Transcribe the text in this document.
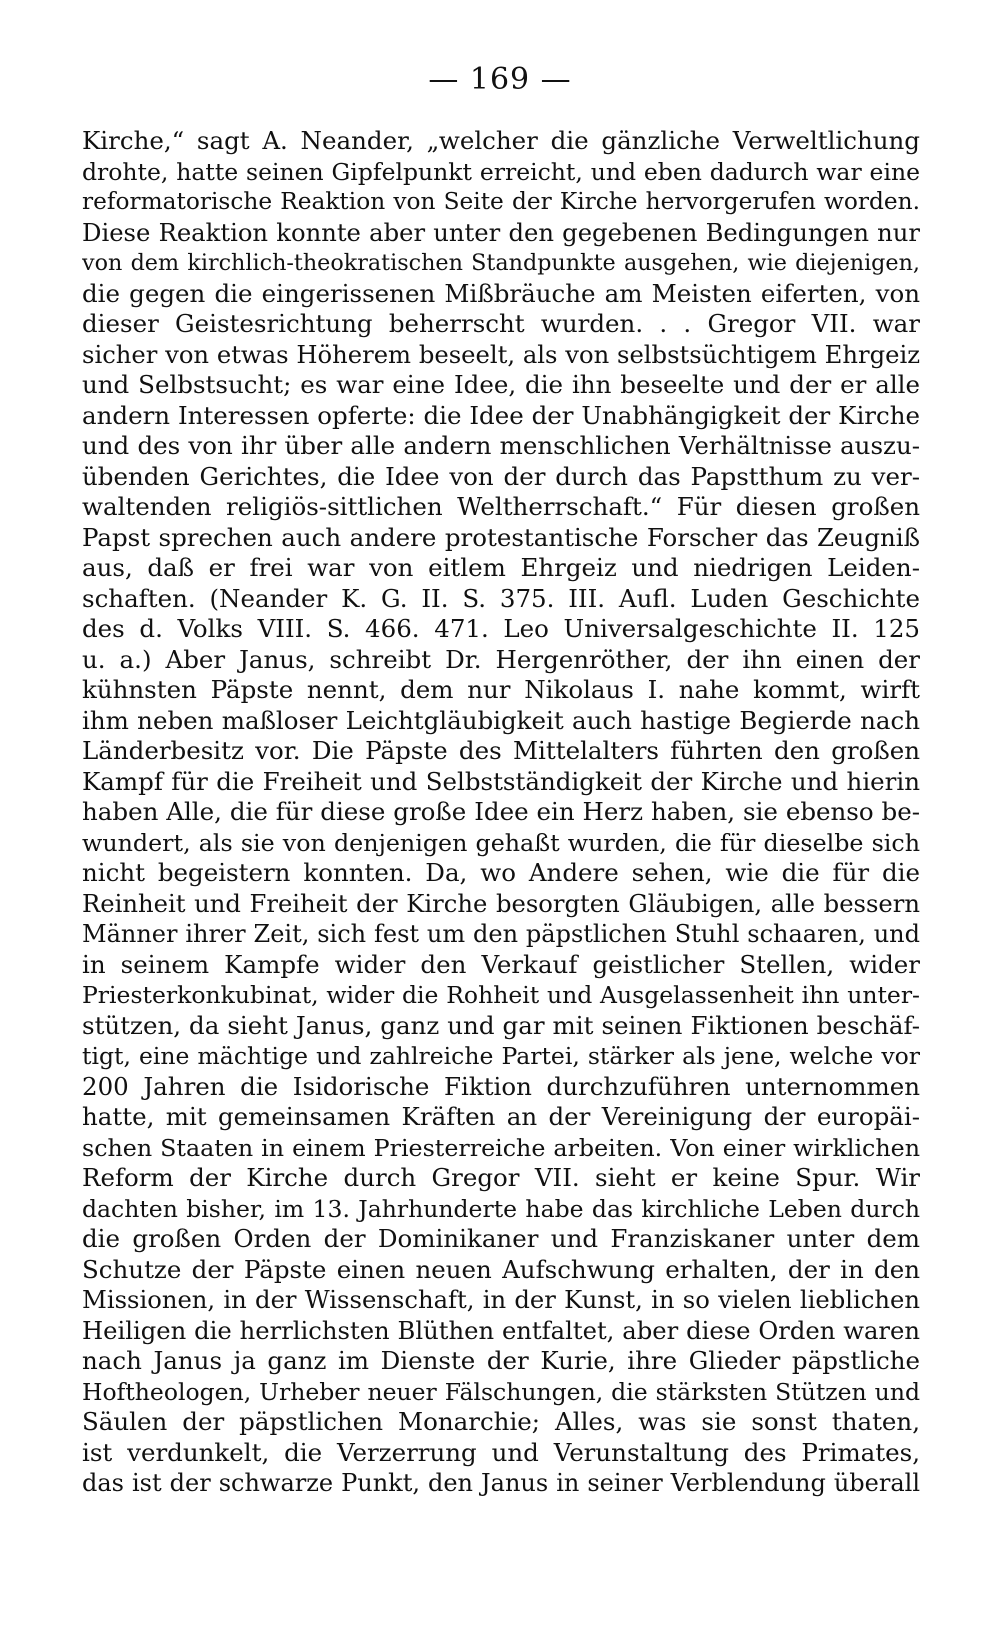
— 169 —
Kirche,“ sagt A. Neander, „welcher die gänzliche Verweltlichung
drohte, hatte seinen Gipfelpunkt erreicht, und eben dadurch war eine
reformatorische Reaktion von Seite der Kirche hervorgerufen worden.
Diese Reaktion konnte aber unter den gegebenen Bedingungen nur
von dem kirchlich-theokratischen Standpunkte ausgehen, wie diejenigen,
die gegen die eingerissenen Mißbräuche am Meisten eiferten, von
dieser Geistesrichtung beherrscht wurden. . . Gregor VII. war
sicher von etwas Höherem beseelt, als von selbstsüchtigem Ehrgeiz
und Selbstsucht; es war eine Idee, die ihn beseelte und der er alle
andern Interessen opferte: die Idee der Unabhängigkeit der Kirche
und des von ihr über alle andern menschlichen Verhältnisse auszu-
übenden Gerichtes, die Idee von der durch das Papstthum zu ver-
waltenden religiös-sittlichen Weltherrschaft.“ Für diesen großen
Papst sprechen auch andere protestantische Forscher das Zeugniß
aus, daß er frei war von eitlem Ehrgeiz und niedrigen Leiden-
schaften. (Neander K. G. II. S. 375. III. Aufl. Luden Geschichte
des d. Volks VIII. S. 466. 471. Leo Universalgeschichte II. 125
u. a.) Aber Janus, schreibt Dr. Hergenröther, der ihn einen der
kühnsten Päpste nennt, dem nur Nikolaus I. nahe kommt, wirft
ihm neben maßloser Leichtgläubigkeit auch hastige Begierde nach
Länderbesitz vor. Die Päpste des Mittelalters führten den großen
Kampf für die Freiheit und Selbstständigkeit der Kirche und hierin
haben Alle, die für diese große Idee ein Herz haben, sie ebenso be-
wundert, als sie von denjenigen gehaßt wurden, die für dieselbe sich
nicht begeistern konnten. Da, wo Andere sehen, wie die für die
Reinheit und Freiheit der Kirche besorgten Gläubigen, alle bessern
Männer ihrer Zeit, sich fest um den päpstlichen Stuhl schaaren, und
in seinem Kampfe wider den Verkauf geistlicher Stellen, wider
Priesterkonkubinat, wider die Rohheit und Ausgelassenheit ihn unter-
stützen, da sieht Janus, ganz und gar mit seinen Fiktionen beschäf-
tigt, eine mächtige und zahlreiche Partei, stärker als jene, welche vor
200 Jahren die Isidorische Fiktion durchzuführen unternommen
hatte, mit gemeinsamen Kräften an der Vereinigung der europäi-
schen Staaten in einem Priesterreiche arbeiten. Von einer wirklichen
Reform der Kirche durch Gregor VII. sieht er keine Spur. Wir
dachten bisher, im 13. Jahrhunderte habe das kirchliche Leben durch
die großen Orden der Dominikaner und Franziskaner unter dem
Schutze der Päpste einen neuen Aufschwung erhalten, der in den
Missionen, in der Wissenschaft, in der Kunst, in so vielen lieblichen
Heiligen die herrlichsten Blüthen entfaltet, aber diese Orden waren
nach Janus ja ganz im Dienste der Kurie, ihre Glieder päpstliche
Hoftheologen, Urheber neuer Fälschungen, die stärksten Stützen und
Säulen der päpstlichen Monarchie; Alles, was sie sonst thaten,
ist verdunkelt, die Verzerrung und Verunstaltung des Primates,
das ist der schwarze Punkt, den Janus in seiner Verblendung überall
